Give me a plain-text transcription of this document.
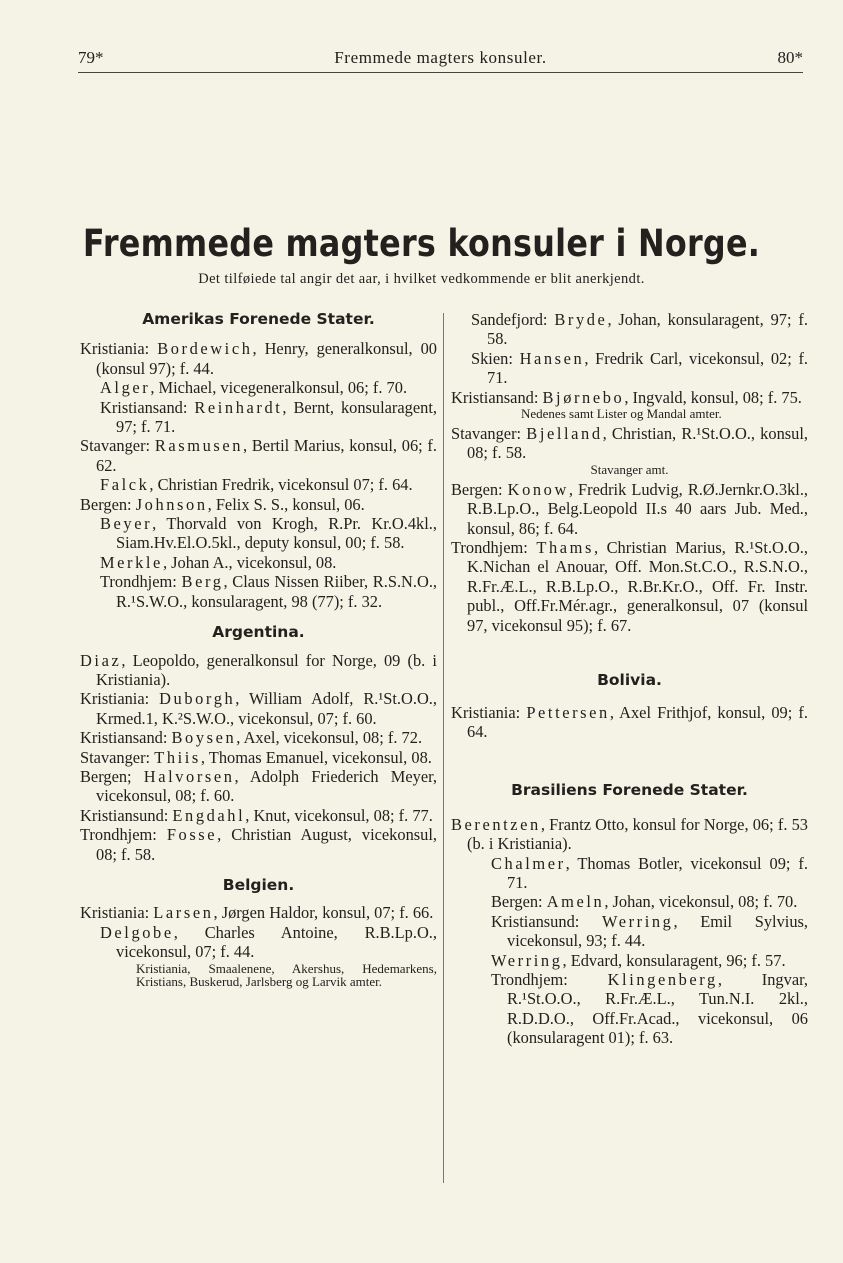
79*	Fremmede magters konsuler.	80*
Fremmede magters konsuler i Norge.
Det tilføiede tal angir det aar, i hvilket vedkommende er blit anerkjendt.
Amerikas Forenede Stater.

Kristiania: Bordewich, Henry, generalkonsul, 00 (konsul 97); f. 44.

Alger, Michael, vicegeneralkonsul, 06; f. 70.

Kristiansand: Reinhardt, Bernt, konsularagent, 97; f. 71.

Stavanger: Rasmusen, Bertil Marius, konsul, 06; f. 62.

Falck, Christian Fredrik, vicekonsul 07; f. 64.

Bergen: Johnson, Felix S. S., konsul, 06.

Beyer, Thorvald von Krogh, R.Pr. Kr.O.4kl., Siam.Hv.El.O.5kl., deputy konsul, 00; f. 58.

Merkle, Johan A., vicekonsul, 08.

Trondhjem: Berg, Claus Nissen Riiber, R.S.N.O., R.¹S.W.O., konsularagent, 98 (77); f. 32.

Argentina.

Diaz, Leopoldo, generalkonsul for Norge, 09 (b. i Kristiania).

Kristiania: Duborgh, William Adolf, R.¹St.O.O., Krmed.1, K.²S.W.O., vicekonsul, 07; f. 60.

Kristiansand: Boysen, Axel, vicekonsul, 08; f. 72.

Stavanger: Thiis, Thomas Emanuel, vicekonsul, 08.

Bergen; Halvorsen, Adolph Friederich Meyer, vicekonsul, 08; f. 60.

Kristiansund: Engdahl, Knut, vicekonsul, 08; f. 77.

Trondhjem: Fosse, Christian August, vicekonsul, 08; f. 58.

Belgien.

Kristiania: Larsen, Jørgen Haldor, konsul, 07; f. 66.

Delgobe, Charles Antoine, R.B.Lp.O., vicekonsul, 07; f. 44.

Kristiania, Smaalenene, Akershus, Hedemarkens, Kristians, Buskerud, Jarlsberg og Larvik amter.

Sandefjord: Bryde, Johan, konsularagent, 97; f. 58.

Skien: Hansen, Fredrik Carl, vicekonsul, 02; f. 71.

Kristiansand: Bjørnebo, Ingvald, konsul, 08; f. 75.

Nedenes samt Lister og Mandal amter.

Stavanger: Bjelland, Christian, R.¹St.O.O., konsul, 08; f. 58.

Stavanger amt.

Bergen: Konow, Fredrik Ludvig, R.Ø.Jernkr.O.3kl., R.B.Lp.O., Belg.Leopold II.s 40 aars Jub. Med., konsul, 86; f. 64.

Trondhjem: Thams, Christian Marius, R.¹St.O.O., K.Nichan el Anouar, Off. Mon.St.C.O., R.S.N.O., R.Fr.Æ.L., R.B.Lp.O., R.Br.Kr.O., Off. Fr. Instr. publ., Off.Fr.Mér.agr., generalkonsul, 07 (konsul 97, vicekonsul 95); f. 67.

Bolivia.

Kristiania: Pettersen, Axel Frithjof, konsul, 09; f. 64.

Brasiliens Forenede Stater.

Berentzen, Frantz Otto, konsul for Norge, 06; f. 53 (b. i Kristiania).

Chalmer, Thomas Botler, vicekonsul 09; f. 71.

Bergen: Ameln, Johan, vicekonsul, 08; f. 70.

Kristiansund: Werring, Emil Sylvius, vicekonsul, 93; f. 44.

Werring, Edvard, konsularagent, 96; f. 57.

Trondhjem: Klingenberg, Ingvar, R.¹St.O.O., R.Fr.Æ.L., Tun.N.I. 2kl., R.D.D.O., Off.Fr.Acad., vicekonsul, 06 (konsularagent 01); f. 63.
